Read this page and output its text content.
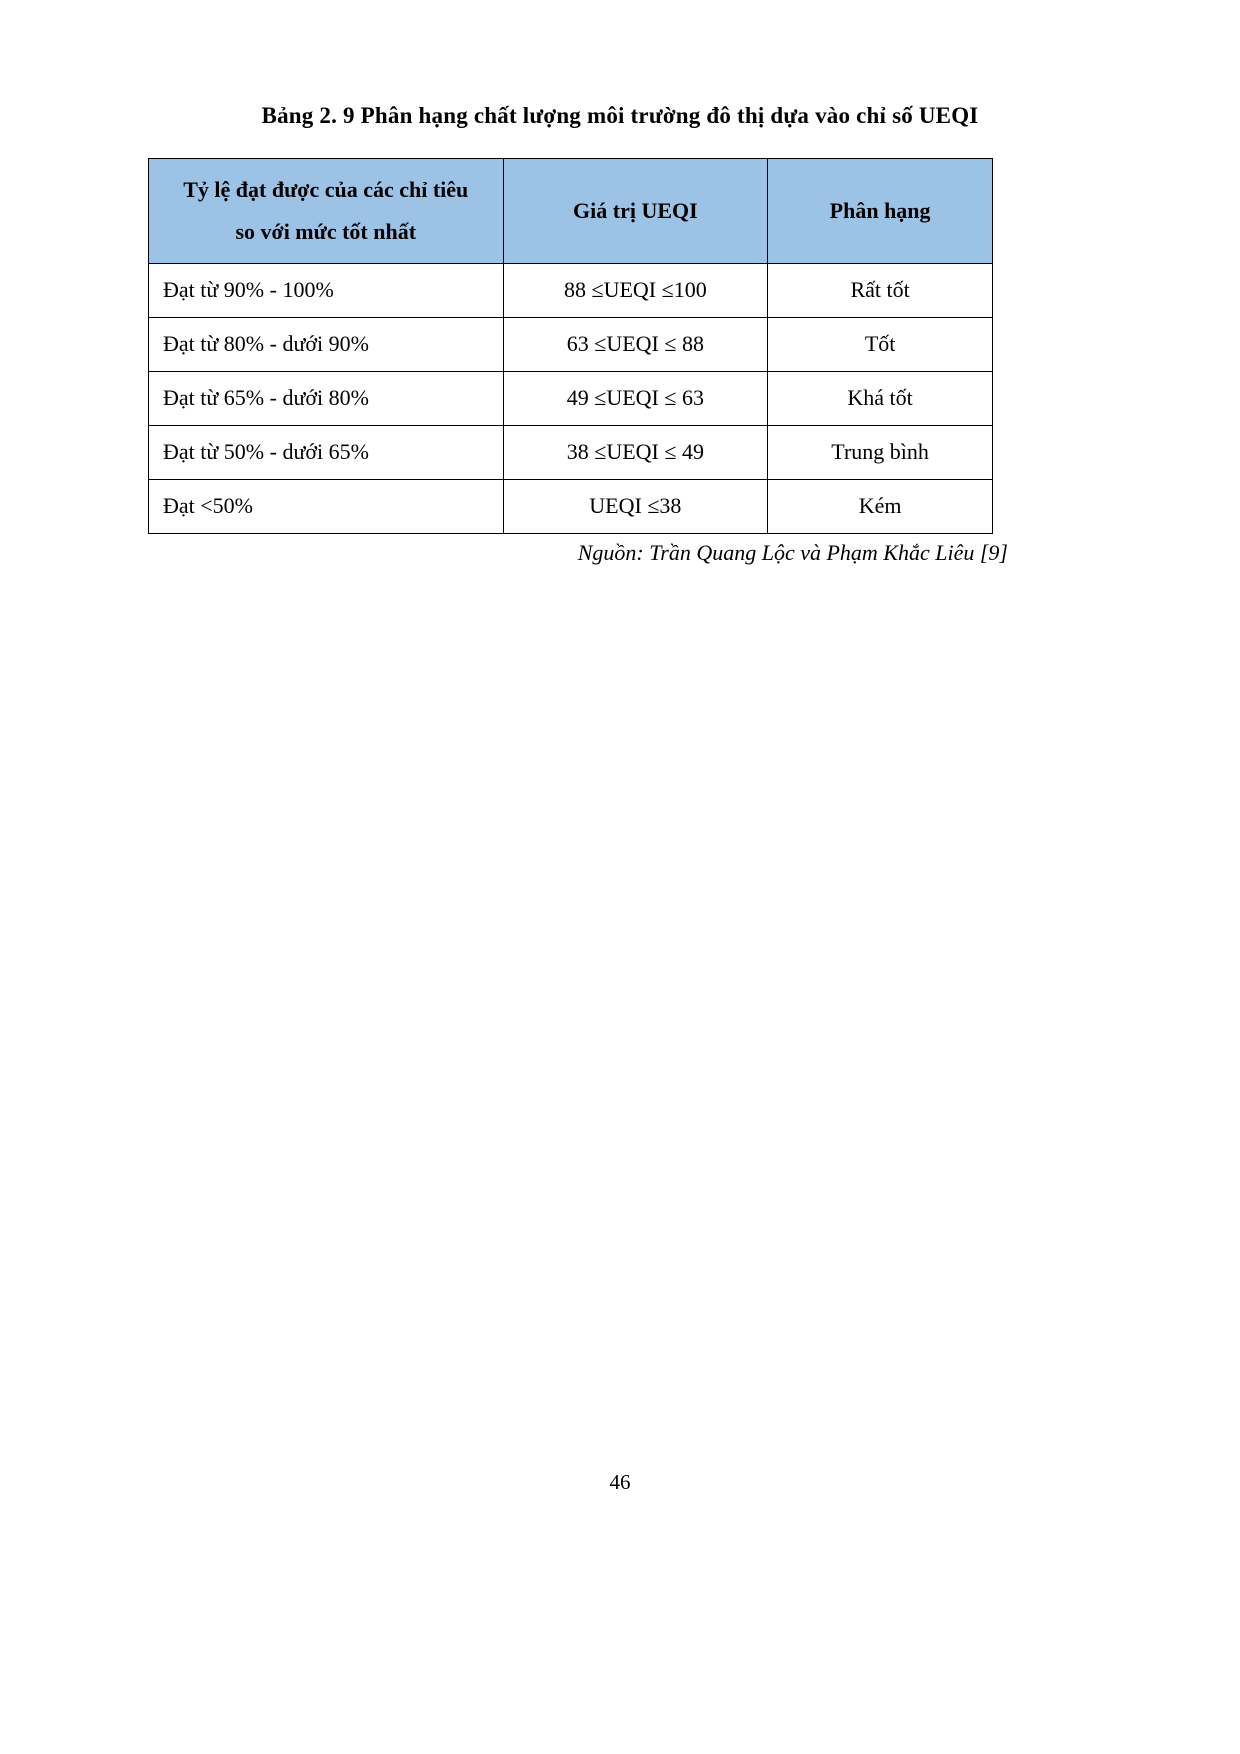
Bảng 2. 9 Phân hạng chất lượng môi trường đô thị dựa vào chỉ số UEQI
Tỷ lệ đạt được của các chỉ tiêu so với mức tốt nhất	Giá trị UEQI	Phân hạng
Đạt từ 90% - 100%	88 ≤UEQI ≤100	Rất tốt
Đạt từ 80% - dưới 90%	63 ≤UEQI ≤ 88	Tốt
Đạt từ 65% - dưới 80%	49 ≤UEQI ≤ 63	Khá tốt
Đạt từ 50% - dưới 65%	38 ≤UEQI ≤ 49	Trung bình
Đạt <50%	UEQI ≤38	Kém
Nguồn: Trần Quang Lộc và Phạm Khắc Liêu [9]
46
